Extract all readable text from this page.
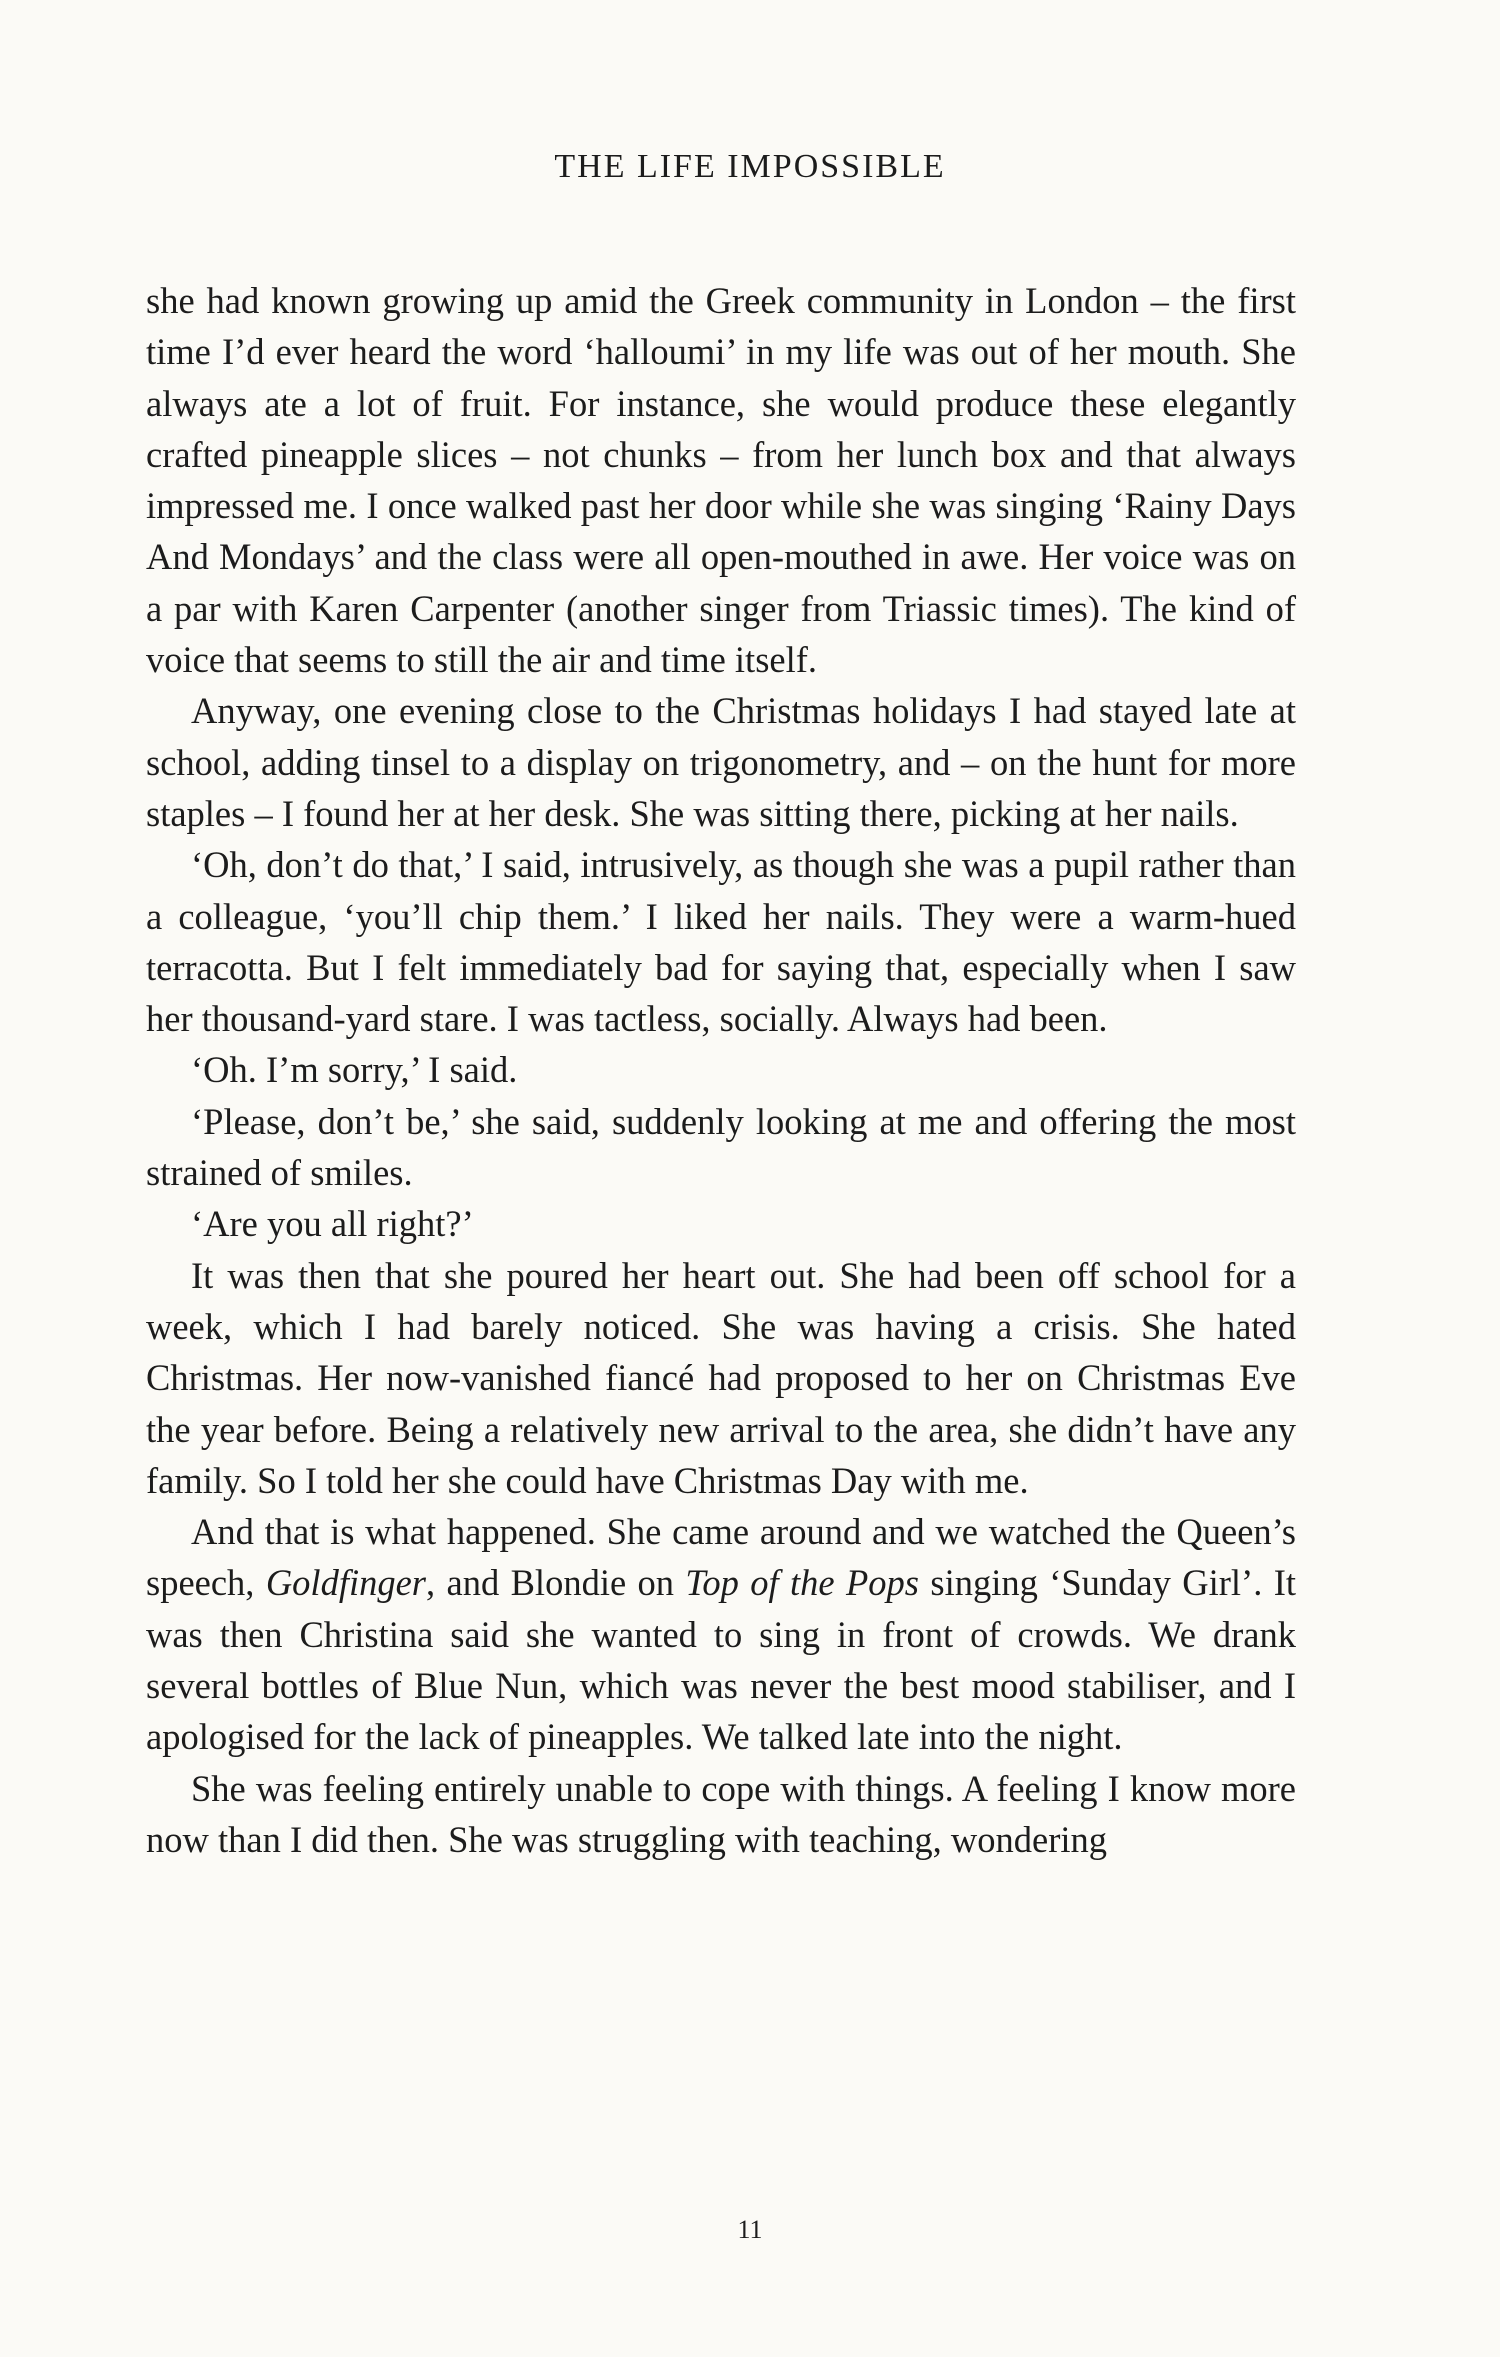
THE LIFE IMPOSSIBLE

she had known growing up amid the Greek community in London – the first time I’d ever heard the word ‘halloumi’ in my life was out of her mouth. She always ate a lot of fruit. For instance, she would produce these elegantly crafted pineapple slices – not chunks – from her lunch box and that always impressed me. I once walked past her door while she was singing ‘Rainy Days And Mondays’ and the class were all open-mouthed in awe. Her voice was on a par with Karen Carpenter (another singer from Triassic times). The kind of voice that seems to still the air and time itself.

Anyway, one evening close to the Christmas holidays I had stayed late at school, adding tinsel to a display on trigonometry, and – on the hunt for more staples – I found her at her desk. She was sitting there, picking at her nails.

‘Oh, don’t do that,’ I said, intrusively, as though she was a pupil rather than a colleague, ‘you’ll chip them.’ I liked her nails. They were a warm-hued terracotta. But I felt immediately bad for saying that, especially when I saw her thousand-yard stare. I was tactless, socially. Always had been.

‘Oh. I’m sorry,’ I said.

‘Please, don’t be,’ she said, suddenly looking at me and offering the most strained of smiles.

‘Are you all right?’

It was then that she poured her heart out. She had been off school for a week, which I had barely noticed. She was having a crisis. She hated Christmas. Her now-vanished fiancé had proposed to her on Christmas Eve the year before. Being a relatively new arrival to the area, she didn’t have any family. So I told her she could have Christmas Day with me.

And that is what happened. She came around and we watched the Queen’s speech, Goldfinger, and Blondie on Top of the Pops singing ‘Sunday Girl’. It was then Christina said she wanted to sing in front of crowds. We drank several bottles of Blue Nun, which was never the best mood stabiliser, and I apologised for the lack of pineapples. We talked late into the night.

She was feeling entirely unable to cope with things. A feeling I know more now than I did then. She was struggling with teaching, wondering

11
